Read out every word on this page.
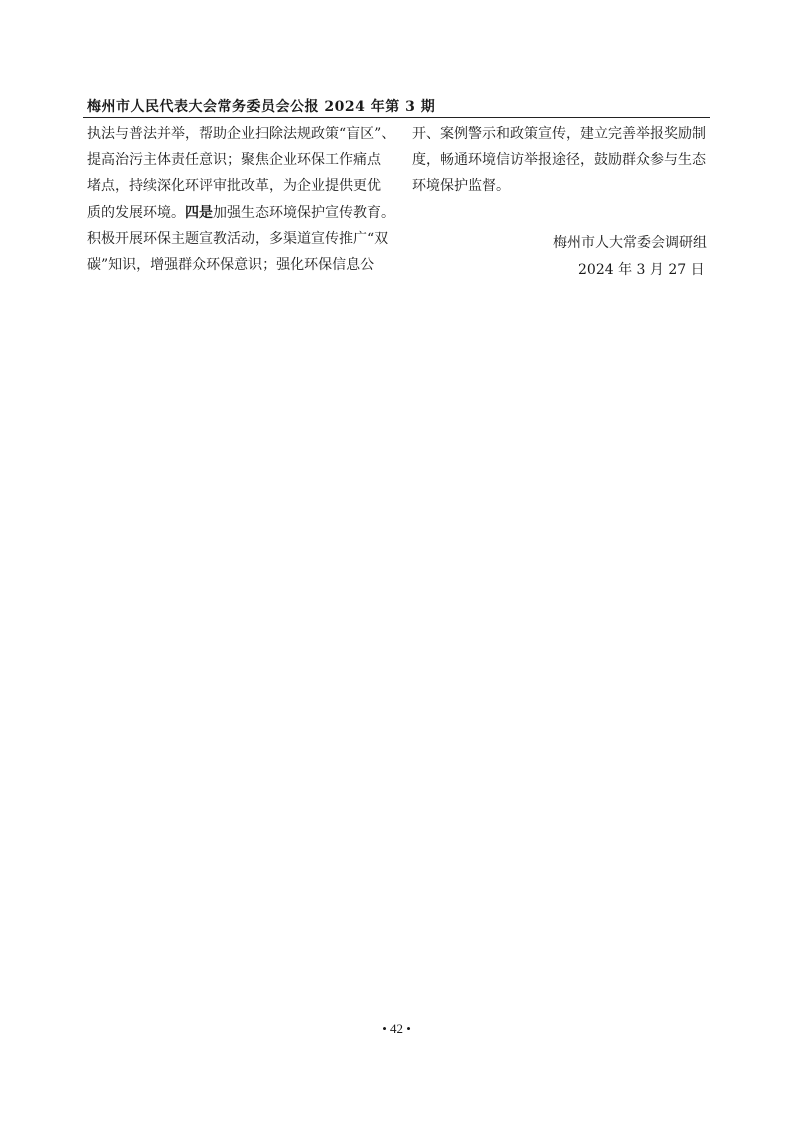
梅州市人民代表大会常务委员会公报 2024 年第 3 期
执法与普法并举，帮助企业扫除法规政策“盲区”、
提高治污主体责任意识；聚焦企业环保工作痛点
堵点，持续深化环评审批改革，为企业提供更优
质的发展环境。四是加强生态环境保护宣传教育。
积极开展环保主题宣教活动，多渠道宣传推广“双
碳”知识，增强群众环保意识；强化环保信息公
开、案例警示和政策宣传，建立完善举报奖励制
度，畅通环境信访举报途径，鼓励群众参与生态
环境保护监督。
梅州市人大常委会调研组
2024 年 3 月 27 日
• 42 •
